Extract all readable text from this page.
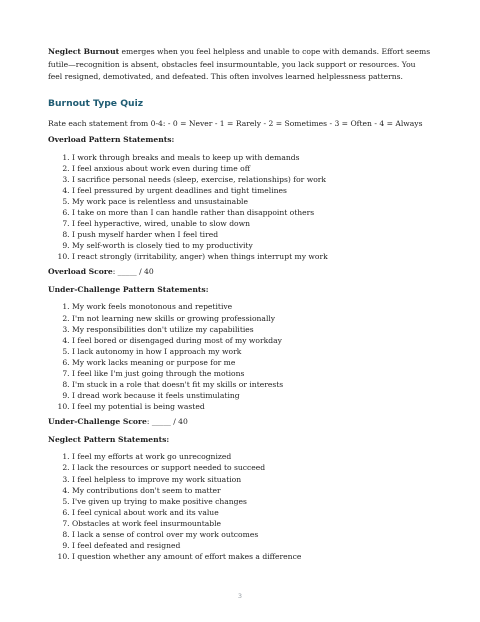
Neglect Burnout emerges when you feel helpless and unable to cope with demands. Effort seems futile—recognition is absent, obstacles feel insurmountable, you lack support or resources. You feel resigned, demotivated, and defeated. This often involves learned helplessness patterns.

Burnout Type Quiz

Rate each statement from 0-4: - 0 = Never - 1 = Rarely - 2 = Sometimes - 3 = Often - 4 = Always

Overload Pattern Statements:

1. I work through breaks and meals to keep up with demands
2. I feel anxious about work even during time off
3. I sacrifice personal needs (sleep, exercise, relationships) for work
4. I feel pressured by urgent deadlines and tight timelines
5. My work pace is relentless and unsustainable
6. I take on more than I can handle rather than disappoint others
7. I feel hyperactive, wired, unable to slow down
8. I push myself harder when I feel tired
9. My self-worth is closely tied to my productivity
10. I react strongly (irritability, anger) when things interrupt my work

Overload Score: _____ / 40

Under-Challenge Pattern Statements:

1. My work feels monotonous and repetitive
2. I'm not learning new skills or growing professionally
3. My responsibilities don't utilize my capabilities
4. I feel bored or disengaged during most of my workday
5. I lack autonomy in how I approach my work
6. My work lacks meaning or purpose for me
7. I feel like I'm just going through the motions
8. I'm stuck in a role that doesn't fit my skills or interests
9. I dread work because it feels unstimulating
10. I feel my potential is being wasted

Under-Challenge Score: _____ / 40

Neglect Pattern Statements:

1. I feel my efforts at work go unrecognized
2. I lack the resources or support needed to succeed
3. I feel helpless to improve my work situation
4. My contributions don't seem to matter
5. I've given up trying to make positive changes
6. I feel cynical about work and its value
7. Obstacles at work feel insurmountable
8. I lack a sense of control over my work outcomes
9. I feel defeated and resigned
10. I question whether any amount of effort makes a difference
3
